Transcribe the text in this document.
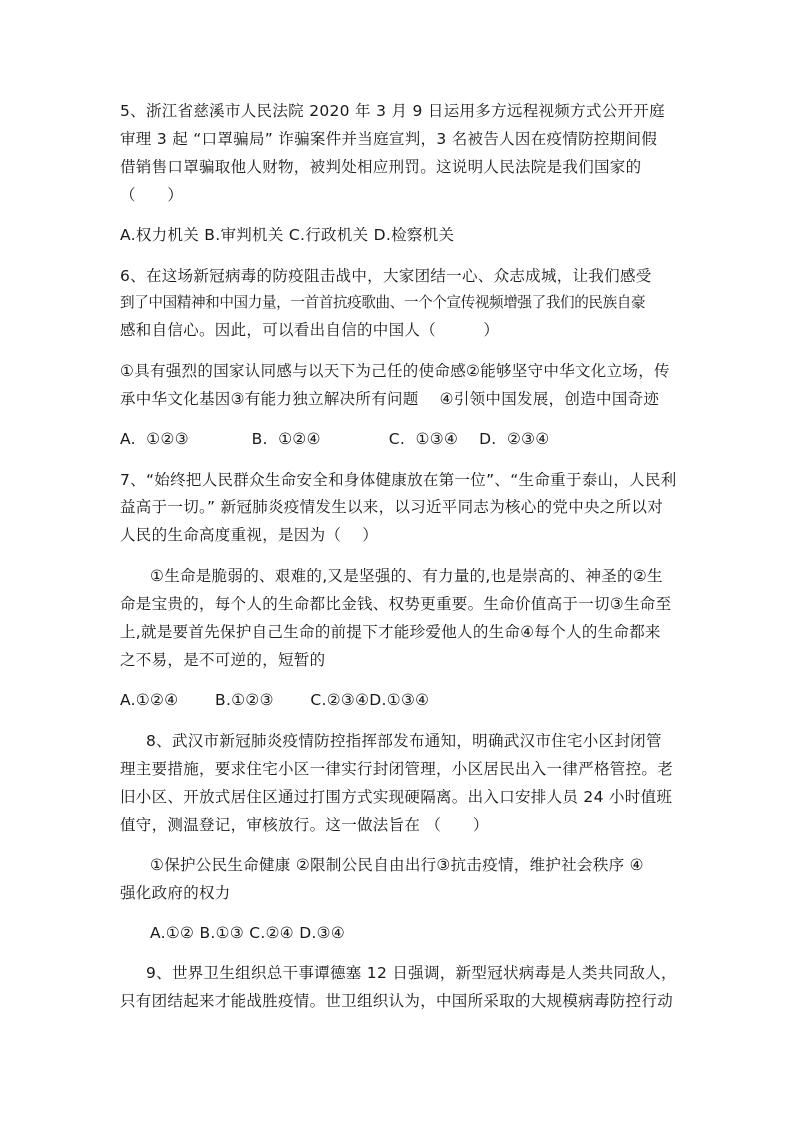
5、浙江省慈溪市人民法院 2020 年 3 月 9 日运用多方远程视频方式公开开庭
审理 3 起 “口罩骗局” 诈骗案件并当庭宣判，3 名被告人因在疫情防控期间假
借销售口罩骗取他人财物，被判处相应刑罚。这说明人民法院是我们国家的
（　　）
A.权力机关 B.审判机关 C.行政机关 D.检察机关
6、在这场新冠病毒的防疫阻击战中，大家团结一心、众志成城，让我们感受
到了中国精神和中国力量，一首首抗疫歌曲、一个个宣传视频增强了我们的民族自豪
感和自信心。因此，可以看出自信的中国人（　　　）
①具有强烈的国家认同感与以天下为己任的使命感②能够坚守中华文化立场，传
承中华文化基因③有能力独立解决所有问题　 ④引领中国发展，创造中国奇迹
A.  ①②③            B.  ①②④             C.  ①③④    D.  ②③④
7、“始终把人民群众生命安全和身体健康放在第一位”、“生命重于泰山，人民利
益高于一切。” 新冠肺炎疫情发生以来，以习近平同志为核心的党中央之所以对
人民的生命高度重视，是因为（　 ）
①生命是脆弱的、艰难的,又是坚强的、有力量的,也是崇高的、神圣的②生
命是宝贵的，每个人的生命都比金钱、权势更重要。生命价值高于一切③生命至
上,就是要首先保护自己生命的前提下才能珍爱他人的生命④每个人的生命都来
之不易，是不可逆的，短暂的
A.①②④       B.①②③       C.②③④D.①③④
8、武汉市新冠肺炎疫情防控指挥部发布通知，明确武汉市住宅小区封闭管
理主要措施，要求住宅小区一律实行封闭管理，小区居民出入一律严格管控。老
旧小区、开放式居住区通过打围方式实现硬隔离。出入口安排人员 24 小时值班
值守，测温登记，审核放行。这一做法旨在 （　　）
①保护公民生命健康 ②限制公民自由出行③抗击疫情，维护社会秩序 ④
强化政府的权力
A.①② B.①③ C.②④ D.③④
9、世界卫生组织总干事谭德塞 12 日强调，新型冠状病毒是人类共同敌人，
只有团结起来才能战胜疫情。世卫组织认为，中国所采取的大规模病毒防控行动
